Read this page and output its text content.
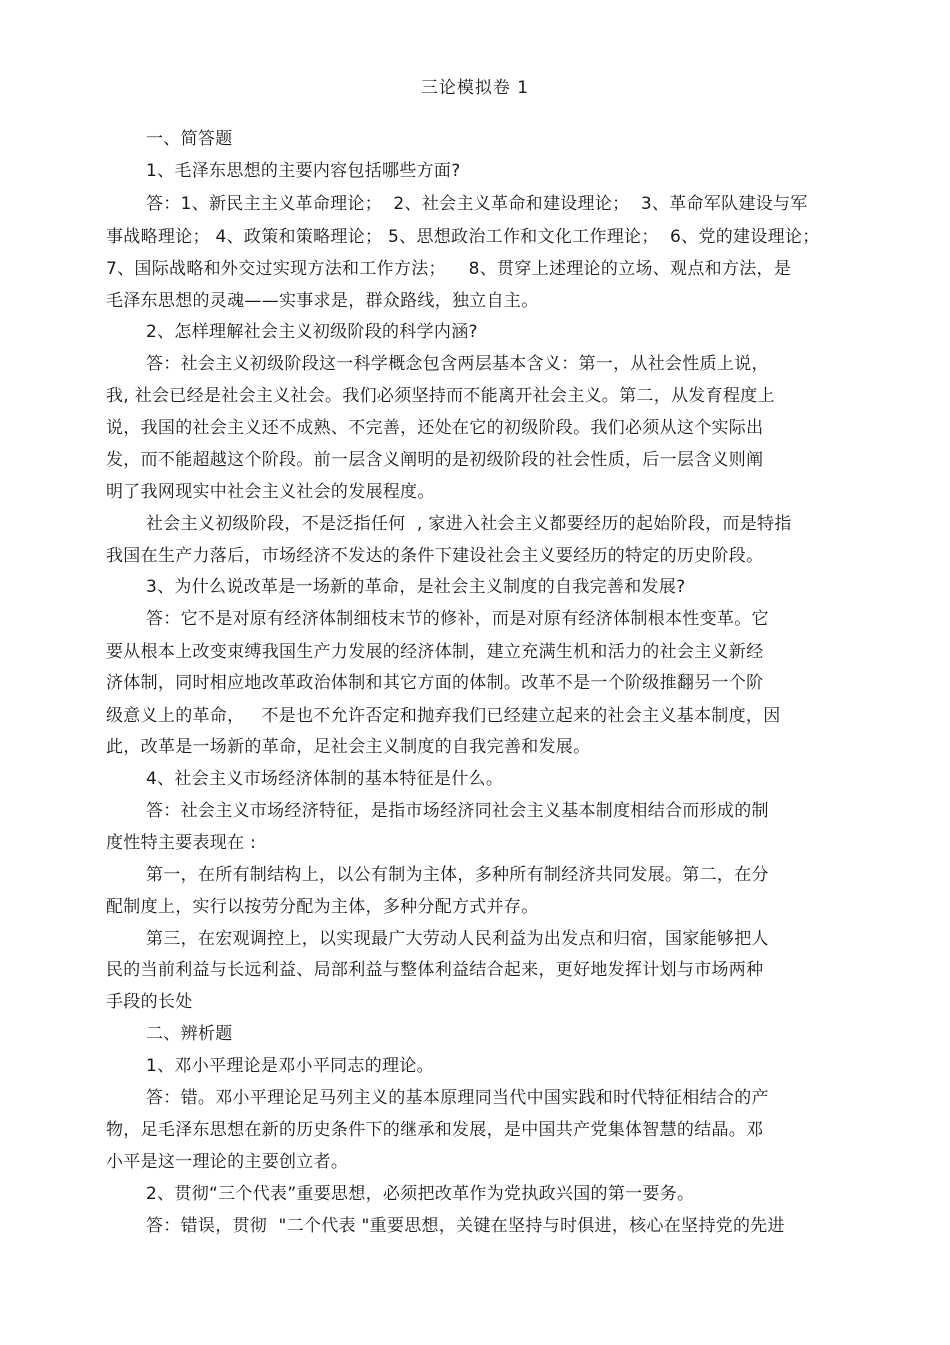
三论模拟卷 1
一、简答题
1、毛泽东思想的主要内容包括哪些方面?
答：1、新民主主义革命理论；  2、社会主义革命和建设理论；  3、革命军队建设与军
事战略理论； 4、政策和策略理论； 5、思想政治工作和文化工作理论；  6、党的建设理论；
7、国际战略和外交过实现方法和工作方法；    8、贯穿上述理论的立场、观点和方法，是
毛泽东思想的灵魂——实事求是，群众路线，独立自主。
2、怎样理解社会主义初级阶段的科学内涵?
答：社会主义初级阶段这一科学概念包含两层基本含义：第一，从社会性质上说，
我, 社会已经是社会主义社会。我们必须坚持而不能离开社会主义。第二，从发育程度上
说，我国的社会主义还不成熟、不完善，还处在它的初级阶段。我们必须从这个实际出
发，而不能超越这个阶段。前一层含义阐明的是初级阶段的社会性质，后一层含义则阐
明了我网现实中社会主义社会的发展程度。
社会主义初级阶段，不是泛指任何  , 家进入社会主义都要经历的起始阶段，而是特指
我国在生产力落后，市场经济不发达的条件下建设社会主义要经历的特定的历史阶段。
3、为什么说改革是一场新的革命，是社会主义制度的自我完善和发展?
答：它不是对原有经济体制细枝末节的修补，而是对原有经济体制根本性变革。它
要从根本上改变束缚我国生产力发展的经济体制，建立充满生机和活力的社会主义新经
济体制，同时相应地改革政治体制和其它方面的体制。改革不是一个阶级推翻另一个阶
级意义上的革命，   不是也不允许否定和抛弃我们已经建立起来的社会主义基本制度，因
此，改革是一场新的革命，足社会主义制度的自我完善和发展。
4、社会主义市场经济体制的基本特征是什么。
答：社会主义市场经济特征，是指市场经济同社会主义基本制度相结合而形成的制
度性特主要表现在 :
第一，在所有制结构上，以公有制为主体，多种所有制经济共同发展。第二，在分
配制度上，实行以按劳分配为主体，多种分配方式并存。
第三，在宏观调控上，以实现最广大劳动人民利益为出发点和归宿，国家能够把人
民的当前利益与长远利益、局部利益与整体利益结合起来，更好地发挥计划与市场两种
手段的长处
二、辨析题
1、邓小平理论是邓小平同志的理论。
答：错。邓小平理论足马列主义的基本原理同当代中国实践和时代特征相结合的产
物，足毛泽东思想在新的历史条件下的继承和发展，是中国共产党集体智慧的结晶。邓
小平是这一理论的主要创立者。
2、贯彻“三个代表”重要思想，必须把改革作为党执政兴国的第一要务。
答：错误，贯彻  "二个代表 "重要思想，关键在坚持与时俱进，核心在坚持党的先进
